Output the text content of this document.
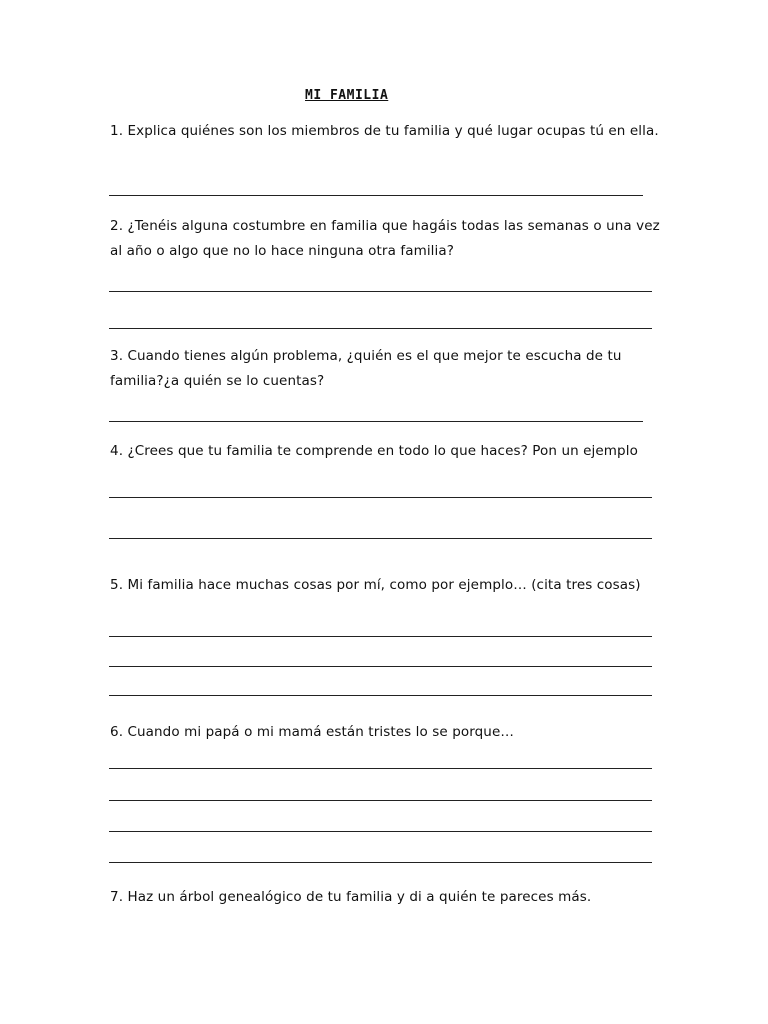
MI FAMILIA
1. Explica quiénes son los miembros de tu familia y qué lugar ocupas tú en ella.
2. ¿Tenéis alguna costumbre en familia que hagáis todas las semanas o una vez al año o algo que no lo hace ninguna otra familia?
3. Cuando tienes algún problema, ¿quién es el que mejor te escucha de tu familia?¿a quién se lo cuentas?
4. ¿Crees que tu familia te comprende en todo lo que haces? Pon un ejemplo
5. Mi familia hace muchas cosas por mí, como por ejemplo… (cita tres cosas)
6. Cuando mi papá o mi mamá están tristes lo se porque…
7. Haz un árbol genealógico de tu familia y di a quién te pareces más.
